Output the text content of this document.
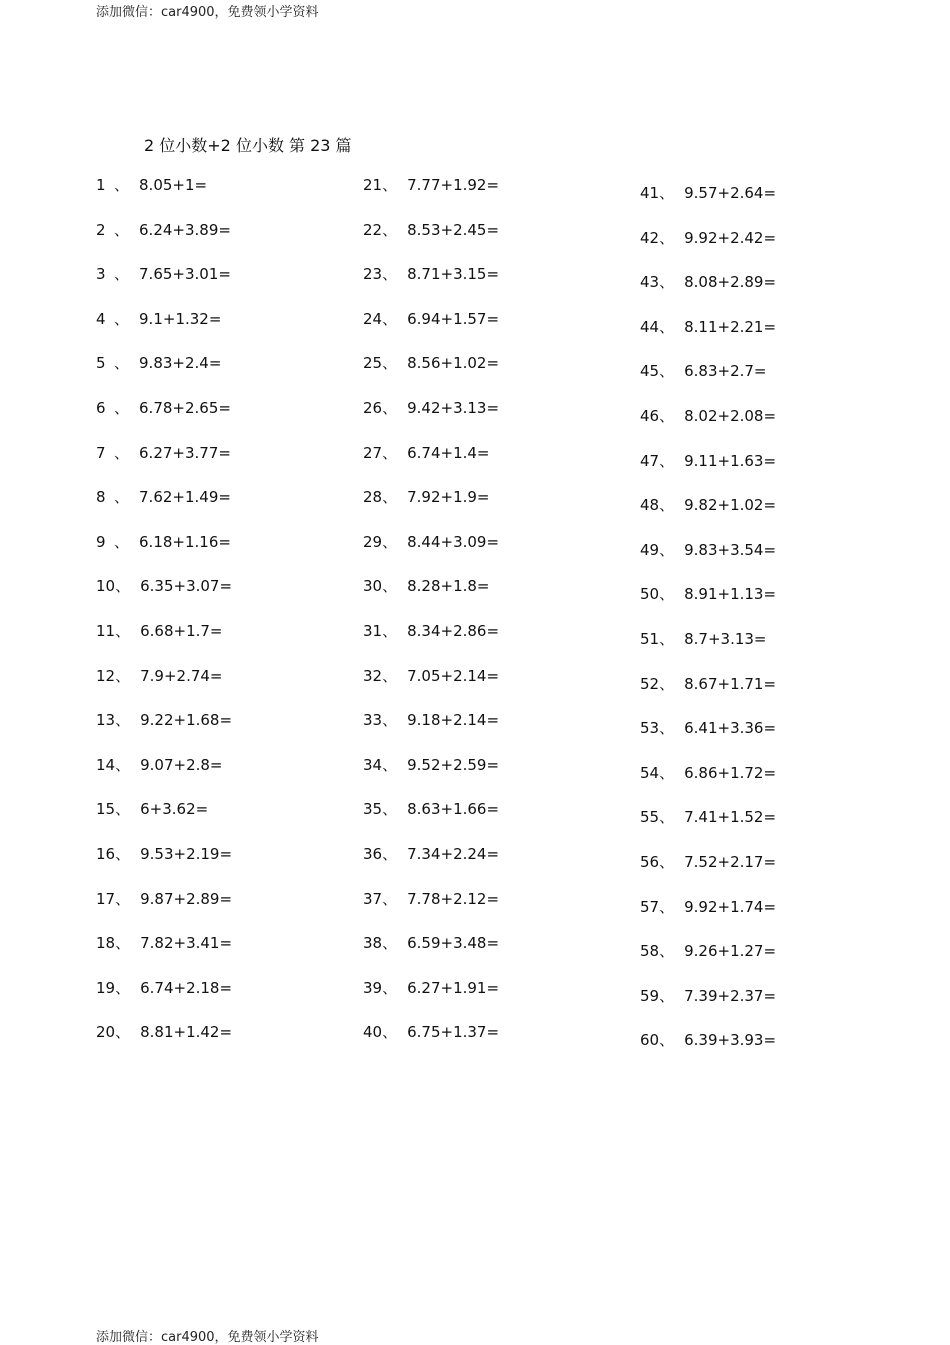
添加微信：car4900，免费领小学资料
2 位小数+2 位小数 第 23 篇
1 、 8.05+1=
2 、 6.24+3.89=
3 、 7.65+3.01=
4 、 9.1+1.32=
5 、 9.83+2.4=
6 、 6.78+2.65=
7 、 6.27+3.77=
8 、 7.62+1.49=
9 、 6.18+1.16=
10、 6.35+3.07=
11、 6.68+1.7=
12、 7.9+2.74=
13、 9.22+1.68=
14、 9.07+2.8=
15、 6+3.62=
16、 9.53+2.19=
17、 9.87+2.89=
18、 7.82+3.41=
19、 6.74+2.18=
20、 8.81+1.42=
21、 7.77+1.92=
22、 8.53+2.45=
23、 8.71+3.15=
24、 6.94+1.57=
25、 8.56+1.02=
26、 9.42+3.13=
27、 6.74+1.4=
28、 7.92+1.9=
29、 8.44+3.09=
30、 8.28+1.8=
31、 8.34+2.86=
32、 7.05+2.14=
33、 9.18+2.14=
34、 9.52+2.59=
35、 8.63+1.66=
36、 7.34+2.24=
37、 7.78+2.12=
38、 6.59+3.48=
39、 6.27+1.91=
40、 6.75+1.37=
41、 9.57+2.64=
42、 9.92+2.42=
43、 8.08+2.89=
44、 8.11+2.21=
45、 6.83+2.7=
46、 8.02+2.08=
47、 9.11+1.63=
48、 9.82+1.02=
49、 9.83+3.54=
50、 8.91+1.13=
51、 8.7+3.13=
52、 8.67+1.71=
53、 6.41+3.36=
54、 6.86+1.72=
55、 7.41+1.52=
56、 7.52+2.17=
57、 9.92+1.74=
58、 9.26+1.27=
59、 7.39+2.37=
60、 6.39+3.93=
添加微信：car4900，免费领小学资料
